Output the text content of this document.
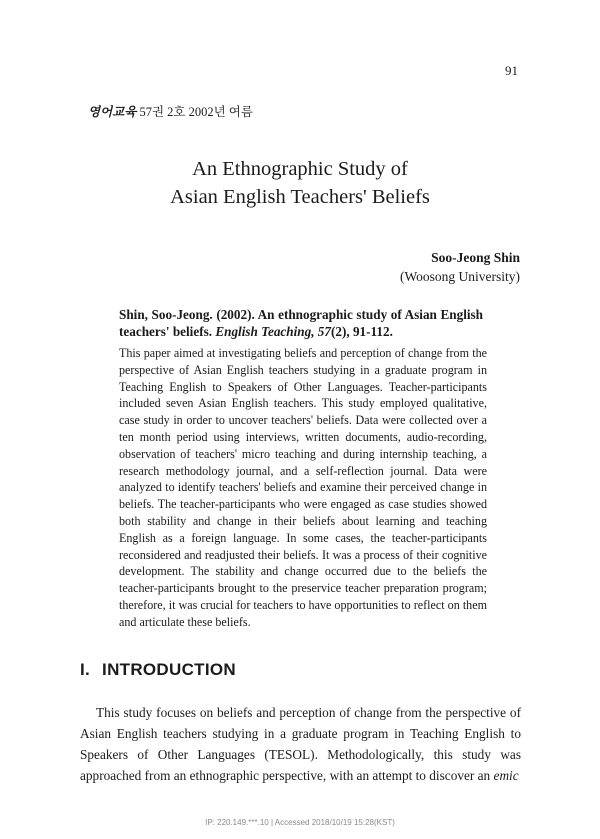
91
영어교육 57권 2호 2002년 여름
An Ethnographic Study of
Asian English Teachers' Beliefs
Soo-Jeong Shin
(Woosong University)
Shin, Soo-Jeong. (2002). An ethnographic study of Asian English teachers' beliefs. English Teaching, 57(2), 91-112.
This paper aimed at investigating beliefs and perception of change from the perspective of Asian English teachers studying in a graduate program in Teaching English to Speakers of Other Languages. Teacher-participants included seven Asian English teachers. This study employed qualitative, case study in order to uncover teachers' beliefs. Data were collected over a ten month period using interviews, written documents, audio-recording, observation of teachers' micro teaching and during internship teaching, a research methodology journal, and a self-reflection journal. Data were analyzed to identify teachers' beliefs and examine their perceived change in beliefs. The teacher-participants who were engaged as case studies showed both stability and change in their beliefs about learning and teaching English as a foreign language. In some cases, the teacher-participants reconsidered and readjusted their beliefs. It was a process of their cognitive development. The stability and change occurred due to the beliefs the teacher-participants brought to the preservice teacher preparation program; therefore, it was crucial for teachers to have opportunities to reflect on them and articulate these beliefs.
I. INTRODUCTION
This study focuses on beliefs and perception of change from the perspective of Asian English teachers studying in a graduate program in Teaching English to Speakers of Other Languages (TESOL). Methodologically, this study was approached from an ethnographic perspective, with an attempt to discover an emic
IP: 220.149.***.10 | Accessed 2018/10/19 15:28(KST)
